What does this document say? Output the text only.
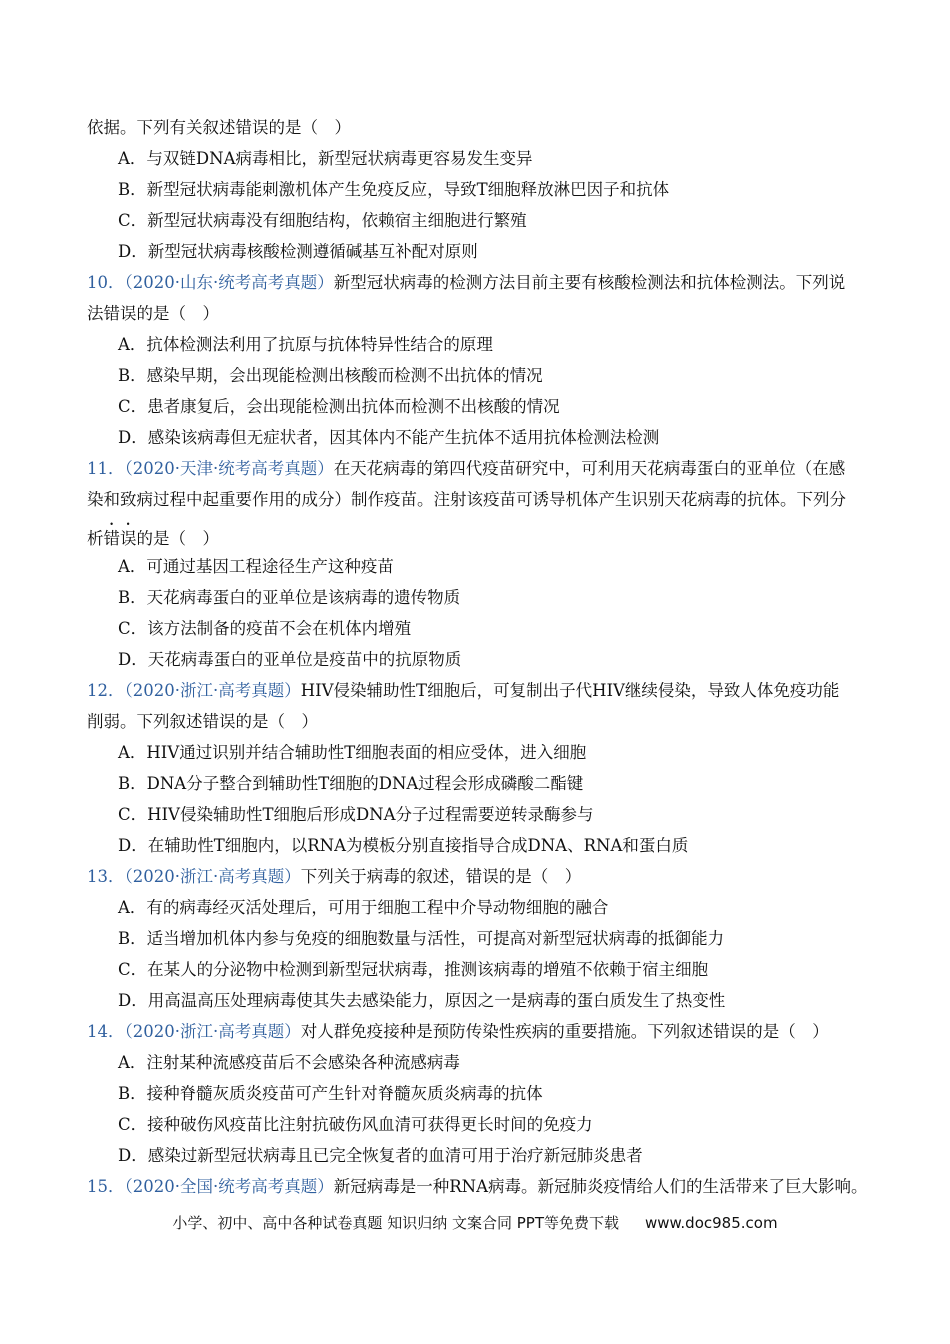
依据。下列有关叙述错误的是（　）
A．与双链DNA病毒相比，新型冠状病毒更容易发生变异
B．新型冠状病毒能刺激机体产生免疫反应，导致T细胞释放淋巴因子和抗体
C．新型冠状病毒没有细胞结构，依赖宿主细胞进行繁殖
D．新型冠状病毒核酸检测遵循碱基互补配对原则
10．（2020·山东·统考高考真题）新型冠状病毒的检测方法目前主要有核酸检测法和抗体检测法。下列说
法错误的是（　）
A．抗体检测法利用了抗原与抗体特异性结合的原理
B．感染早期，会出现能检测出核酸而检测不出抗体的情况
C．患者康复后，会出现能检测出抗体而检测不出核酸的情况
D．感染该病毒但无症状者，因其体内不能产生抗体不适用抗体检测法检测
11．（2020·天津·统考高考真题）在天花病毒的第四代疫苗研究中，可利用天花病毒蛋白的亚单位（在感
染和致病过程中起重要作用的成分）制作疫苗。注射该疫苗可诱导机体产生识别天花病毒的抗体。下列分
析错误的是（　）
A．可通过基因工程途径生产这种疫苗
B．天花病毒蛋白的亚单位是该病毒的遗传物质
C．该方法制备的疫苗不会在机体内增殖
D．天花病毒蛋白的亚单位是疫苗中的抗原物质
12．（2020·浙江·高考真题）HIV侵染辅助性T细胞后，可复制出子代HIV继续侵染，导致人体免疫功能
削弱。下列叙述错误的是（　）
A．HIV通过识别并结合辅助性T细胞表面的相应受体，进入细胞
B．DNA分子整合到辅助性T细胞的DNA过程会形成磷酸二酯键
C．HIV侵染辅助性T细胞后形成DNA分子过程需要逆转录酶参与
D．在辅助性T细胞内，以RNA为模板分别直接指导合成DNA、RNA和蛋白质
13．（2020·浙江·高考真题）下列关于病毒的叙述，错误的是（　）
A．有的病毒经灭活处理后，可用于细胞工程中介导动物细胞的融合
B．适当增加机体内参与免疫的细胞数量与活性，可提高对新型冠状病毒的抵御能力
C．在某人的分泌物中检测到新型冠状病毒，推测该病毒的增殖不依赖于宿主细胞
D．用高温高压处理病毒使其失去感染能力，原因之一是病毒的蛋白质发生了热变性
14．（2020·浙江·高考真题）对人群免疫接种是预防传染性疾病的重要措施。下列叙述错误的是（　）
A．注射某种流感疫苗后不会感染各种流感病毒
B．接种脊髓灰质炎疫苗可产生针对脊髓灰质炎病毒的抗体
C．接种破伤风疫苗比注射抗破伤风血清可获得更长时间的免疫力
D．感染过新型冠状病毒且已完全恢复者的血清可用于治疗新冠肺炎患者
15．（2020·全国·统考高考真题）新冠病毒是一种RNA病毒。新冠肺炎疫情给人们的生活带来了巨大影响。
小学、初中、高中各种试卷真题 知识归纳 文案合同 PPT等免费下载 www.doc985.com
